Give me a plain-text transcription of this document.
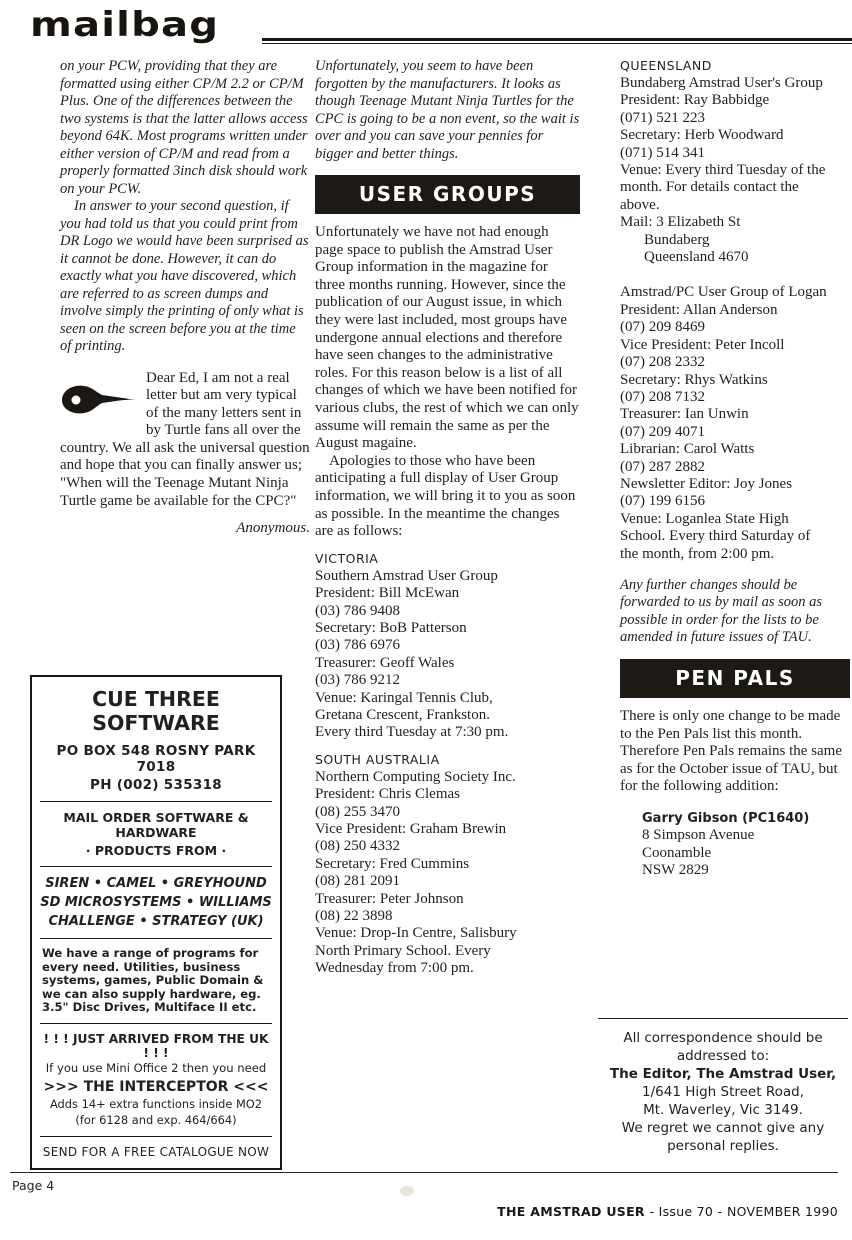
mailbag

on your PCW, providing that they are formatted using either CP/M 2.2 or CP/M Plus. One of the differences between the two systems is that the latter allows access beyond 64K. Most programs written under either version of CP/M and read from a properly formatted 3inch disk should work on your PCW.

In answer to your second question, if you had told us that you could print from DR Logo we would have been surprised as it cannot be done. However, it can do exactly what you have discovered, which are referred to as screen dumps and involve simply the printing of only what is seen on the screen before you at the time of printing.

Dear Ed, I am not a real letter but am very typical of the many letters sent in by Turtle fans all over the country. We all ask the universal question and hope that you can finally answer us; "When will the Teenage Mutant Ninja Turtle game be available for the CPC?"

Anonymous.
CUE THREE SOFTWARE
PO BOX 548 ROSNY PARK 7018
PH (002) 535318
MAIL ORDER SOFTWARE & HARDWARE
· PRODUCTS FROM ·
SIREN • CAMEL • GREYHOUND
SD MICROSYSTEMS • WILLIAMS
CHALLENGE • STRATEGY (UK)
We have a range of programs for every need. Utilities, business systems, games, Public Domain & we can also supply hardware, eg. 3.5" Disc Drives, Multiface II etc.
! ! ! JUST ARRIVED FROM THE UK ! ! !
If you use Mini Office 2 then you need
>>> THE INTERCEPTOR <<<
Adds 14+ extra functions inside MO2
(for 6128 and exp. 464/664)
SEND FOR A FREE CATALOGUE NOW

Unfortunately, you seem to have been forgotten by the manufacturers. It looks as though Teenage Mutant Ninja Turtles for the CPC is going to be a non event, so the wait is over and you can save your pennies for bigger and better things.

USER GROUPS

Unfortunately we have not had enough page space to publish the Amstrad User Group information in the magazine for three months running. However, since the publication of our August issue, in which they were last included, most groups have undergone annual elections and therefore have seen changes to the administrative roles. For this reason below is a list of all changes of which we have been notified for various clubs, the rest of which we can only assume will remain the same as per the August magaine.

Apologies to those who have been anticipating a full display of User Group information, we will bring it to you as soon as possible. In the meantime the changes are as follows:

VICTORIA
Southern Amstrad User Group
President: Bill McEwan
(03) 786 9408
Secretary: BoB Patterson
(03) 786 6976
Treasurer: Geoff Wales
(03) 786 9212
Venue: Karingal Tennis Club,
Gretana Crescent, Frankston.
Every third Tuesday at 7:30 pm.
SOUTH AUSTRALIA
Northern Computing Society Inc.
President: Chris Clemas
(08) 255 3470
Vice President: Graham Brewin
(08) 250 4332
Secretary: Fred Cummins
(08) 281 2091
Treasurer: Peter Johnson
(08) 22 3898
Venue: Drop-In Centre, Salisbury
North Primary School. Every
Wednesday from 7:00 pm.
QUEENSLAND
Bundaberg Amstrad User's Group
President: Ray Babbidge
(071) 521 223
Secretary: Herb Woodward
(071) 514 341
Venue: Every third Tuesday of the
month. For details contact the
above.
Mail: 3 Elizabeth St
Bundaberg
Queensland 4670
Amstrad/PC User Group of Logan
President: Allan Anderson
(07) 209 8469
Vice President: Peter Incoll
(07) 208 2332
Secretary: Rhys Watkins
(07) 208 7132
Treasurer: Ian Unwin
(07) 209 4071
Librarian: Carol Watts
(07) 287 2882
Newsletter Editor: Joy Jones
(07) 199 6156
Venue: Loganlea State High
School. Every third Saturday of
the month, from 2:00 pm.
Any further changes should be forwarded to us by mail as soon as possible in order for the lists to be amended in future issues of TAU.
PEN PALS

There is only one change to be made to the Pen Pals list this month. Therefore Pen Pals remains the same as for the October issue of TAU, but for the following addition:

Garry Gibson (PC1640)
8 Simpson Avenue
Coonamble
NSW 2829
All correspondence should be
addressed to:
The Editor, The Amstrad User,
1/641 High Street Road,
Mt. Waverley, Vic 3149.
We regret we cannot give any
personal replies.
Page 4
THE AMSTRAD USER - Issue 70 - NOVEMBER 1990
